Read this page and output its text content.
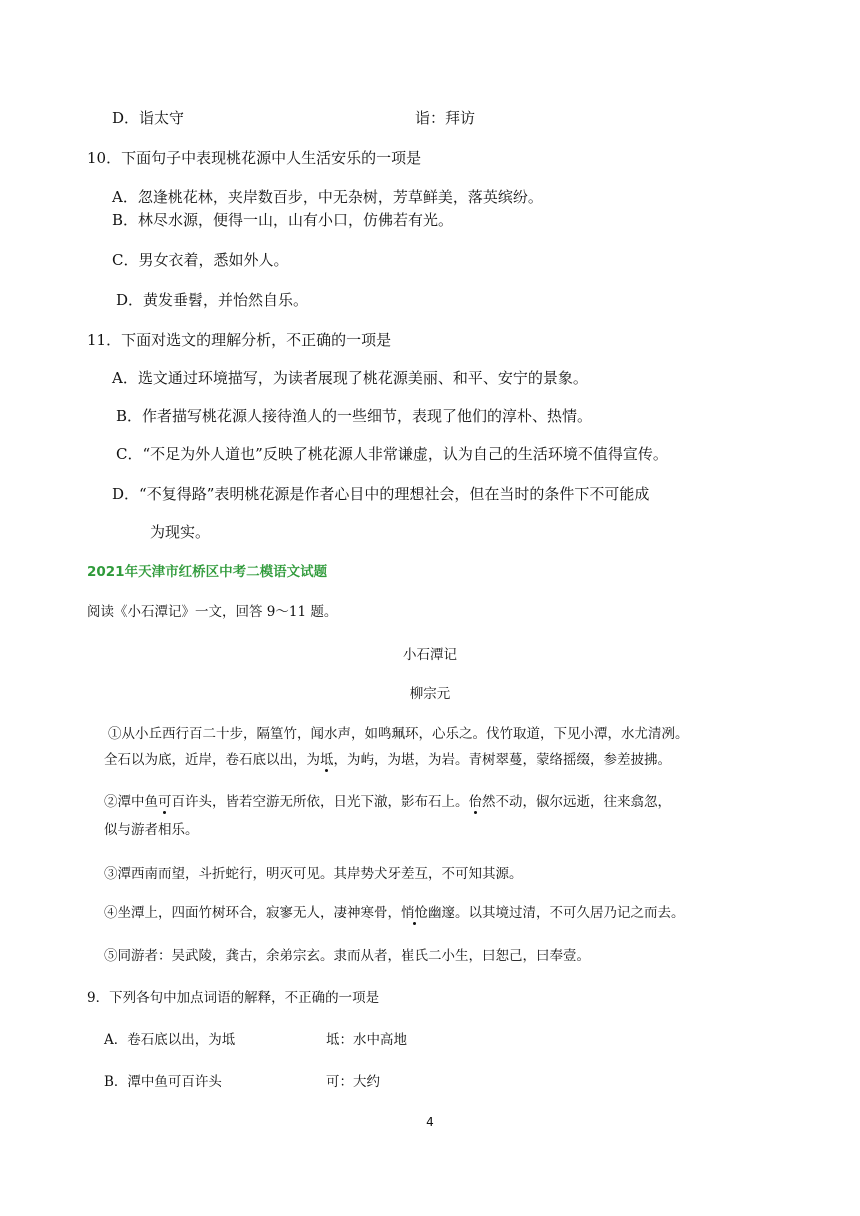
D．诣太守	诣：拜访
10．下面句子中表现桃花源中人生活安乐的一项是
A．忽逢桃花林，夹岸数百步，中无杂树，芳草鲜美，落英缤纷。
B．林尽水源，便得一山，山有小口，仿佛若有光。
C．男女衣着，悉如外人。
D．黄发垂髫，并怡然自乐。
11．下面对选文的理解分析，不正确的一项是
A．选文通过环境描写，为读者展现了桃花源美丽、和平、安宁的景象。
B．作者描写桃花源人接待渔人的一些细节，表现了他们的淳朴、热情。
C．“不足为外人道也”反映了桃花源人非常谦虚，认为自己的生活环境不值得宣传。
D．“不复得路”表明桃花源是作者心目中的理想社会，但在当时的条件下不可能成
为现实。
2021年天津市红桥区中考二模语文试题
阅读《小石潭记》一文，回答 9～11 题。
小石潭记
柳宗元
①从小丘西行百二十步，隔篁竹，闻水声，如鸣珮环，心乐之。伐竹取道，下见小潭，水尤清冽。
全石以为底，近岸，卷石底以出，为坻，为屿，为堪，为岩。青树翠蔓，蒙络摇缀，参差披拂。
②潭中鱼可百许头，皆若空游无所依，日光下澈，影布石上。佁然不动，俶尔远逝，往来翕忽，
似与游者相乐。
③潭西南而望，斗折蛇行，明灭可见。其岸势犬牙差互，不可知其源。
④坐潭上，四面竹树环合，寂寥无人，凄神寒骨，悄怆幽邃。以其境过清，不可久居乃记之而去。
⑤同游者：吴武陵，龚古，余弟宗玄。隶而从者，崔氏二小生，曰恕己，曰奉壹。
9．下列各句中加点词语的解释，不正确的一项是
A．卷石底以出，为坻	坻：水中高地
B．潭中鱼可百许头	可：大约
4
